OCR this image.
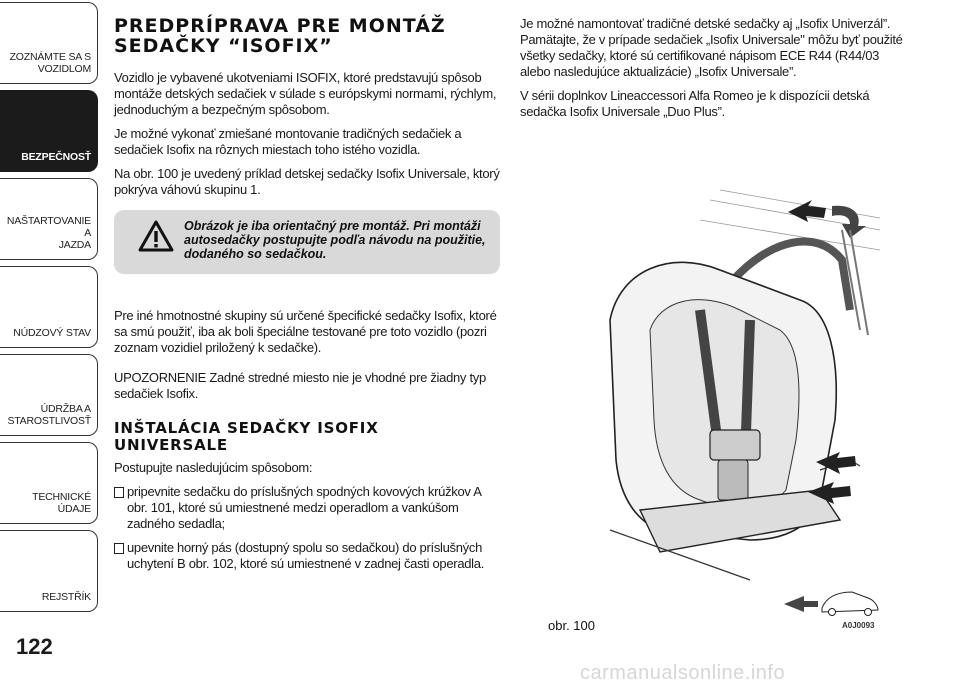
ZOZNÁMTE SA S
VOZIDLOM
BEZPEČNOSŤ
NAŠTARTOVANIE A
JAZDA
NÚDZOVÝ STAV
ÚDRŽBA A
STAROSTLIVOSŤ
TECHNICKÉ ÚDAJE
REJSTŘÍK
122
PREDPRÍPRAVA PRE MONTÁŽ
SEDAČKY “ISOFIX”

Vozidlo je vybavené ukotveniami ISOFIX, ktoré predstavujú spôsob montáže detských sedačiek v súlade s európskymi normami, rýchlym, jednoduchým a bezpečným spôsobom.

Je možné vykonať zmiešané montovanie tradičných sedačiek a sedačiek Isofix na rôznych miestach toho istého vozidla.

Na obr. 100 je uvedený príklad detskej sedačky Isofix Universale, ktorý pokrýva váhovú skupinu 1.

Obrázok je iba orientačný pre montáž. Pri montáži autosedačky postupujte podľa návodu na použitie, dodaného so sedačkou.

Pre iné hmotnostné skupiny sú určené špecifické sedačky Isofix, ktoré sa smú použiť, iba ak boli špeciálne testované pre toto vozidlo (pozri zoznam vozidiel priložený k sedačke).

UPOZORNENIE Zadné stredné miesto nie je vhodné pre žiadny typ sedačiek Isofix.

INŠTALÁCIA SEDAČKY ISOFIX
UNIVERSALE

Postupujte nasledujúcim spôsobom:

pripevnite sedačku do príslušných spodných kovových krúžkov A obr. 101, ktoré sú umiestnené medzi operadlom a vankúšom zadného sedadla;
upevnite horný pás (dostupný spolu so sedačkou) do príslušných uchytení B obr. 102, ktoré sú umiestnené v zadnej časti operadla.

Je možné namontovať tradičné detské sedačky aj „Isofix Univerzál”. Pamätajte, že v prípade sedačiek „Isofix Universale" môžu byť použité všetky sedačky, ktoré sú certifikované nápisom ECE R44 (R44/03 alebo nasledujúce aktualizácie) „Isofix Universale”.

V sérii doplnkov Lineaccessori Alfa Romeo je k dispozícii detská sedačka Isofix Universale „Duo Plus”.

obr. 100	A0J0093
carmanualsonline.info
